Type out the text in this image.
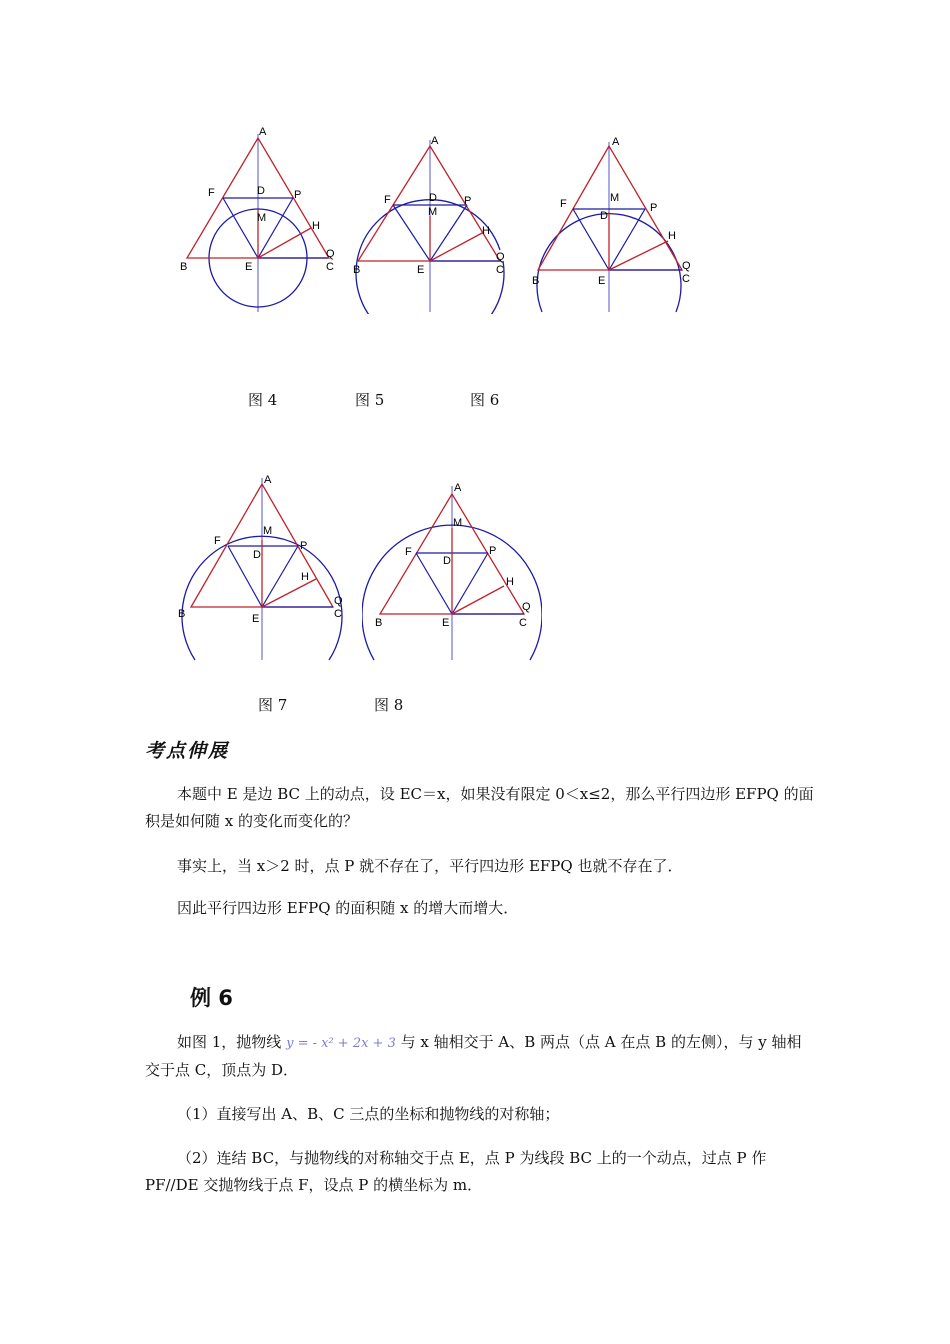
A
F	D	P
M
H
Q
B	E	C
A
F	D P
M
H
Q
B	E	C
A
F	M
D
P
H
Q
B	E	C
图 4	图 5	图 6
A
F
M
D
P
H
Q
B	E	C
A
M
F
D
P
H
Q
B	E	C
图 7	图 8
考点伸展
本题中 E 是边 BC 上的动点，设 EC＝x，如果没有限定 0＜x≤2，那么平行四边形 EFPQ 的面积是如何随 x 的变化而变化的？
事实上，当 x＞2 时，点 P 就不存在了，平行四边形 EFPQ 也就不存在了．
因此平行四边形 EFPQ 的面积随 x 的增大而增大．
例 6
如图 1，抛物线 y = - x² + 2x + 3 与 x 轴相交于 A、B 两点（点 A 在点 B 的左侧），与 y 轴相交于点 C，顶点为 D．
（1）直接写出 A、B、C 三点的坐标和抛物线的对称轴；
（2）连结 BC，与抛物线的对称轴交于点 E，点 P 为线段 BC 上的一个动点，过点 P 作 PF//DE 交抛物线于点 F，设点 P 的横坐标为 m．
